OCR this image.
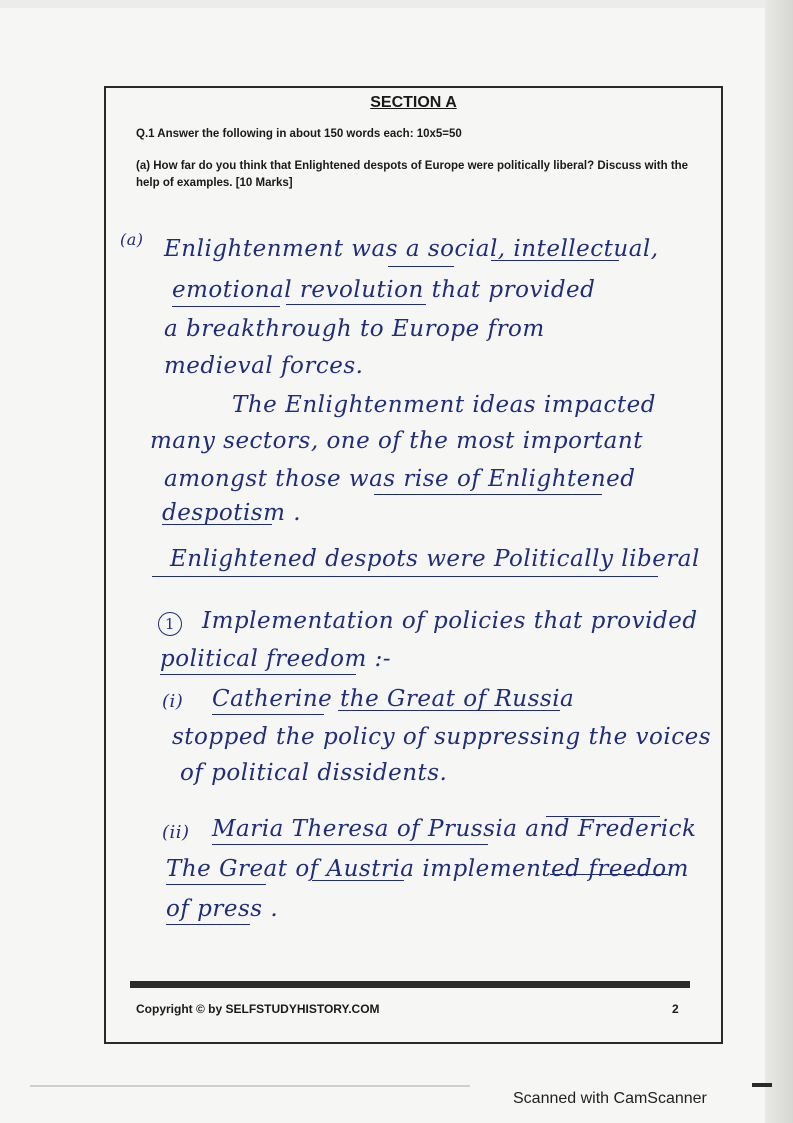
SECTION A
Q.1 Answer the following in about 150 words each: 10x5=50
(a) How far do you think that Enlightened despots of Europe were politically liberal? Discuss with the help of examples. [10 Marks]
(a) Enlightenment was a social, intellectual,
emotional revolution that provided
a breakthrough to Europe from
medieval forces.
The Enlightenment ideas impacted
many sectors, one of the most important
amongst those was rise of Enlightened
despotism .
Enlightened despots were Politically liberal
1	Implementation of policies that provided
political freedom :-
(i) Catherine the Great of Russia
stopped the policy of suppressing the voices
of political dissidents.
(ii) Maria Theresa of Prussia and Frederick
The Great of Austria implemented freedom
of press .
Copyright © by SELFSTUDYHISTORY.COM	2
Scanned with CamScanner
